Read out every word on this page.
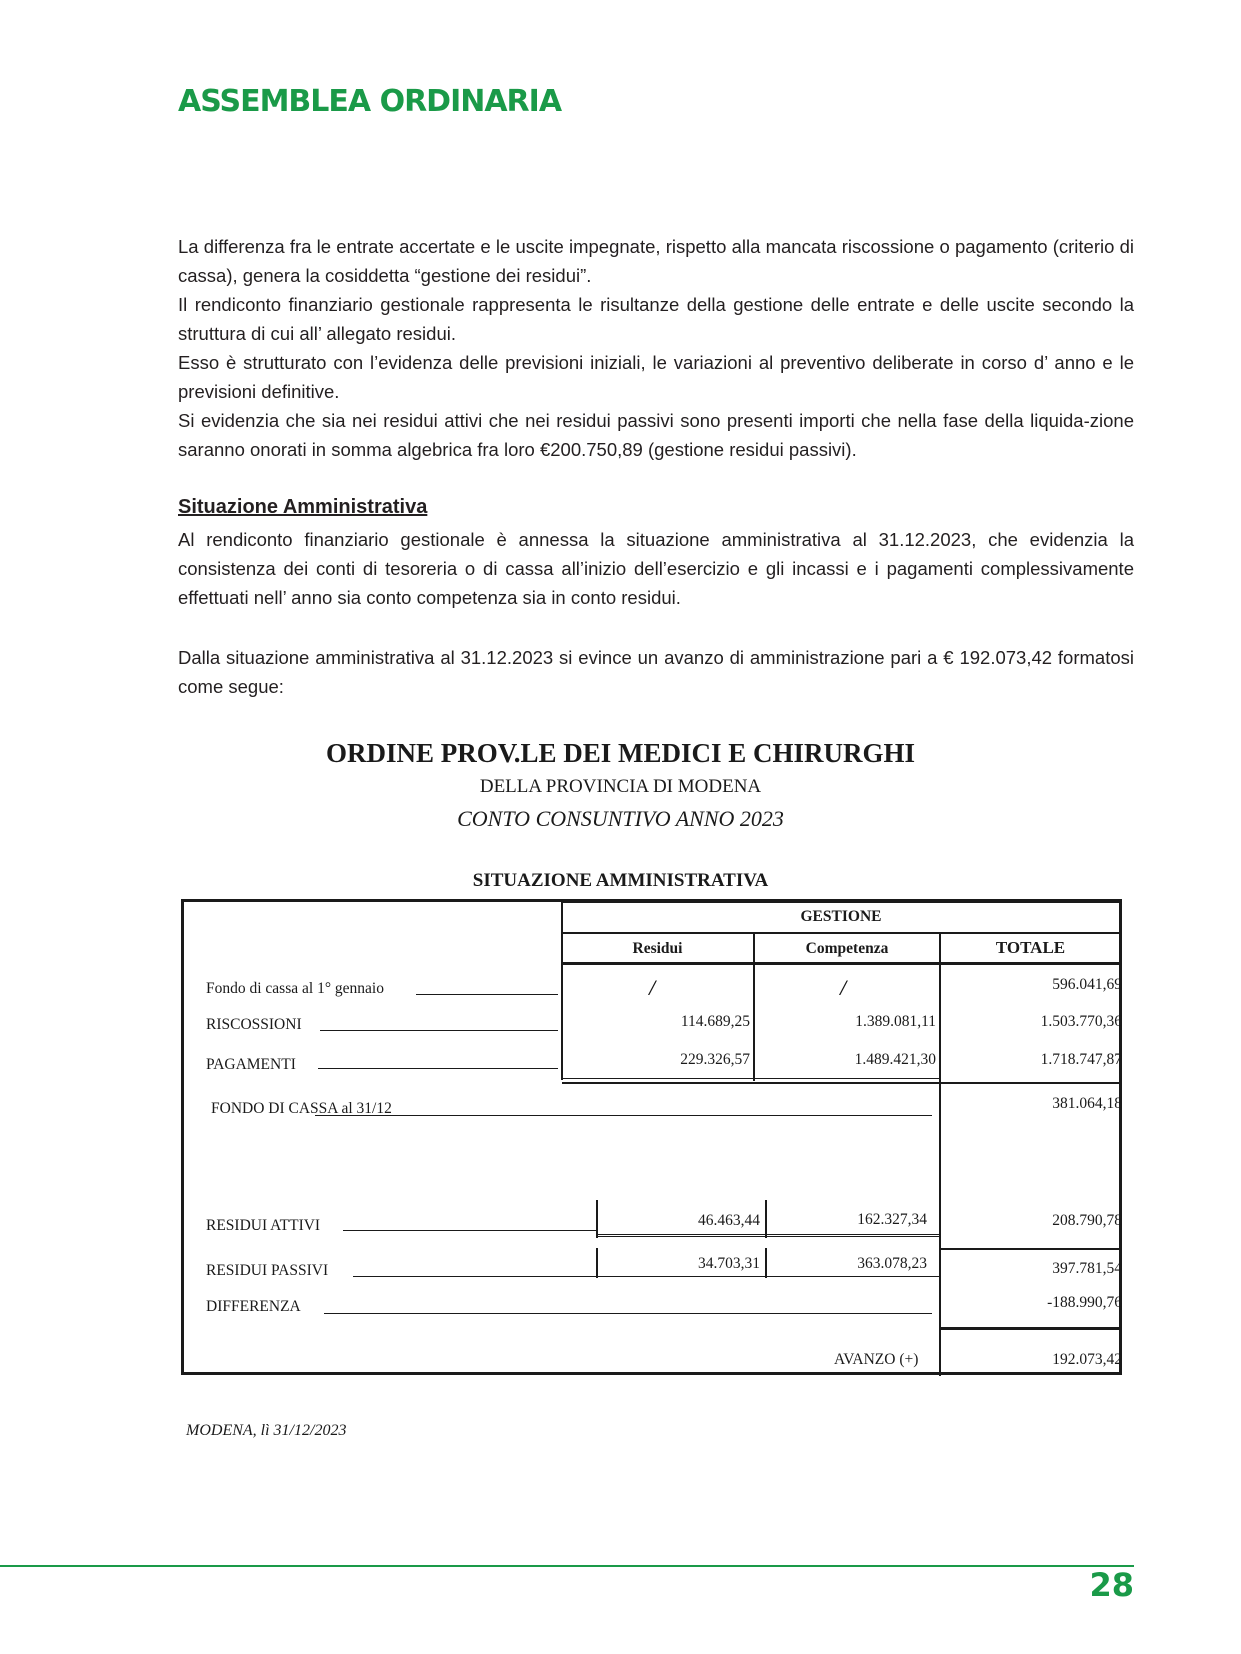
ASSEMBLEA ORDINARIA

La differenza fra le entrate accertate e le uscite impegnate, rispetto alla mancata riscossione o pagamento (criterio di cassa), genera la cosiddetta “gestione dei residui”.

Il rendiconto finanziario gestionale rappresenta le risultanze della gestione delle entrate e delle uscite secondo la struttura di cui all’ allegato residui.

Esso è strutturato con l’evidenza delle previsioni iniziali, le variazioni al preventivo deliberate in corso d’ anno e le previsioni definitive.

Si evidenzia che sia nei residui attivi che nei residui passivi sono presenti importi che nella fase della liquida-zione saranno onorati in somma algebrica fra loro €200.750,89 (gestione residui passivi).

Situazione Amministrativa

Al rendiconto finanziario gestionale è annessa la situazione amministrativa al 31.12.2023, che evidenzia la consistenza dei conti di tesoreria o di cassa all’inizio dell’esercizio e gli incassi e i pagamenti complessivamente effettuati nell’ anno sia conto competenza sia in conto residui.

Dalla situazione amministrativa al 31.12.2023 si evince un avanzo di amministrazione pari a € 192.073,42 formatosi come segue:

ORDINE PROV.LE DEI MEDICI E CHIRURGHI
DELLA PROVINCIA DI MODENA
CONTO CONSUNTIVO ANNO 2023
SITUAZIONE AMMINISTRATIVA
GESTIONE
Residui	Competenza	TOTALE
Fondo di cassa al 1° gennaio	//	//	596.041,69
RISCOSSIONI	114.689,25	1.389.081,11	1.503.770,36
PAGAMENTI	229.326,57	1.489.421,30	1.718.747,87
FONDO DI CASSA al 31/12	381.064,18
RESIDUI ATTIVI	46.463,44	162.327,34	208.790,78
RESIDUI PASSIVI	34.703,31	363.078,23	397.781,54
DIFFERENZA	-188.990,76
AVANZO (+)	192.073,42
MODENA, lì 31/12/2023
28
